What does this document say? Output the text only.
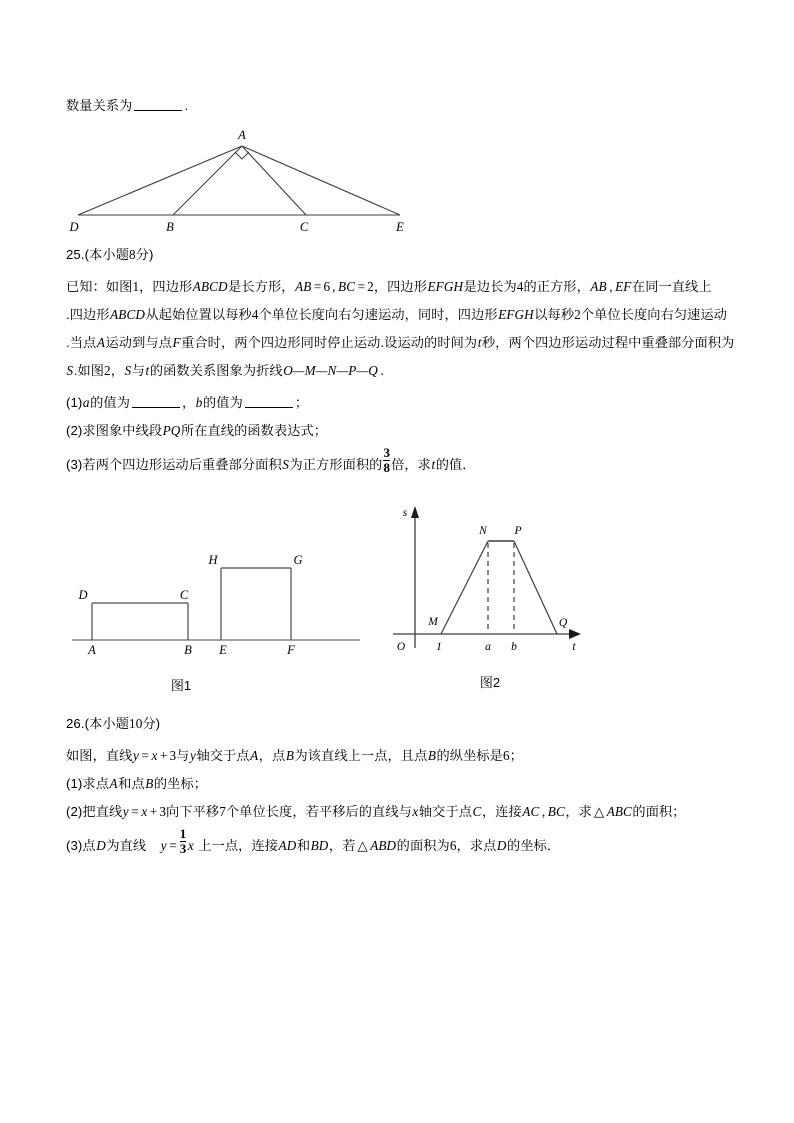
数量关系为	.

D	B	C	E
A

25.(本小题8分)

已知：如图1，四边形ABCD是长方形，AB = 6 , BC = 2，四边形EFGH是边长为4的正方形，AB , EF在同一直线上

.四边形ABCD从起始位置以每秒4个单位长度向右匀速运动，同时，四边形EFGH以每秒2个单位长度向右匀速运动

.当点A运动到与点F重合时，两个四边形同时停止运动.设运动的时间为t秒，两个四边形运动过程中重叠部分面积为

S.如图2，S与t的函数关系图象为折线O—M—N—P—Q .

(1)a的值为	，b的值为	；

(2)求图象中线段PQ所在直线的函数表达式；

(3)若两个四边形运动后重叠部分面积S为正方形面积的 $\frac{3}{8}$ 倍，求t的值．

A	B E	F
D	C
H	G
图1
s
t
O	1	a b
M
N P
Q
图2

26.(本小题10分)

如图，直线y = x + 3与y轴交于点A，点B为该直线上一点，且点B的纵坐标是6；

(1)求点A和点B的坐标；

(2)把直线y = x + 3向下平移7个单位长度，若平移后的直线与x轴交于点C，连接AC , BC，求 △ ABC的面积；

(3)点D为直线 $y = \frac{1}{3}$ x 上一点，连接AD和BD，若 △ ABD的面积为6，求点D的坐标．
